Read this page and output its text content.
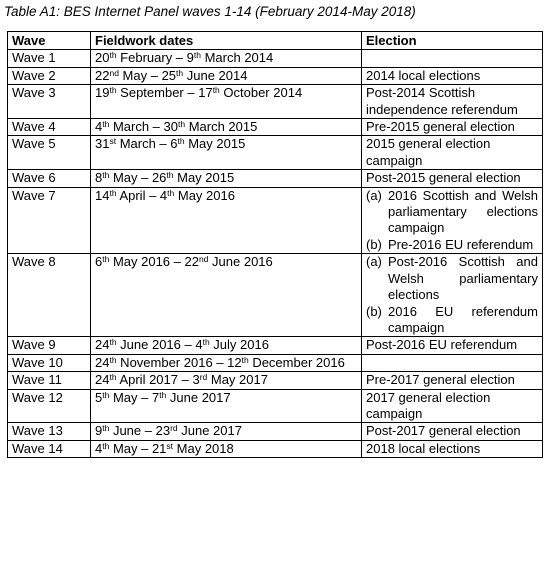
Table A1: BES Internet Panel waves 1-14 (February 2014-May 2018)
Wave	Fieldwork dates	Election
Wave 1	20th February – 9th March 2014	
Wave 2	22nd May – 25th June 2014	2014 local elections
Wave 3	19th September – 17th October 2014	Post-2014 Scottish independence referendum
Wave 4	4th March – 30th March 2015	Pre-2015 general election
Wave 5	31st March – 6th May 2015	2015 general election campaign
Wave 6	8th May – 26th May 2015	Post-2015 general election
Wave 7	14th April – 4th May 2016	(a) 2016 Scottish and Welsh parliamentary elections campaign
(b) Pre-2016 EU referendum

Wave 8	6th May 2016 – 22nd June 2016	(a) Post-2016 Scottish and Welsh parliamentary elections
(b) 2016 EU referendum campaign

Wave 9	24th June 2016 – 4th July 2016	Post-2016 EU referendum
Wave 10	24th November 2016 – 12th December 2016	
Wave 11	24th April 2017 – 3rd May 2017	Pre-2017 general election
Wave 12	5th May – 7th June 2017	2017 general election campaign
Wave 13	9th June – 23rd June 2017	Post-2017 general election
Wave 14	4th May – 21st May 2018	2018 local elections
